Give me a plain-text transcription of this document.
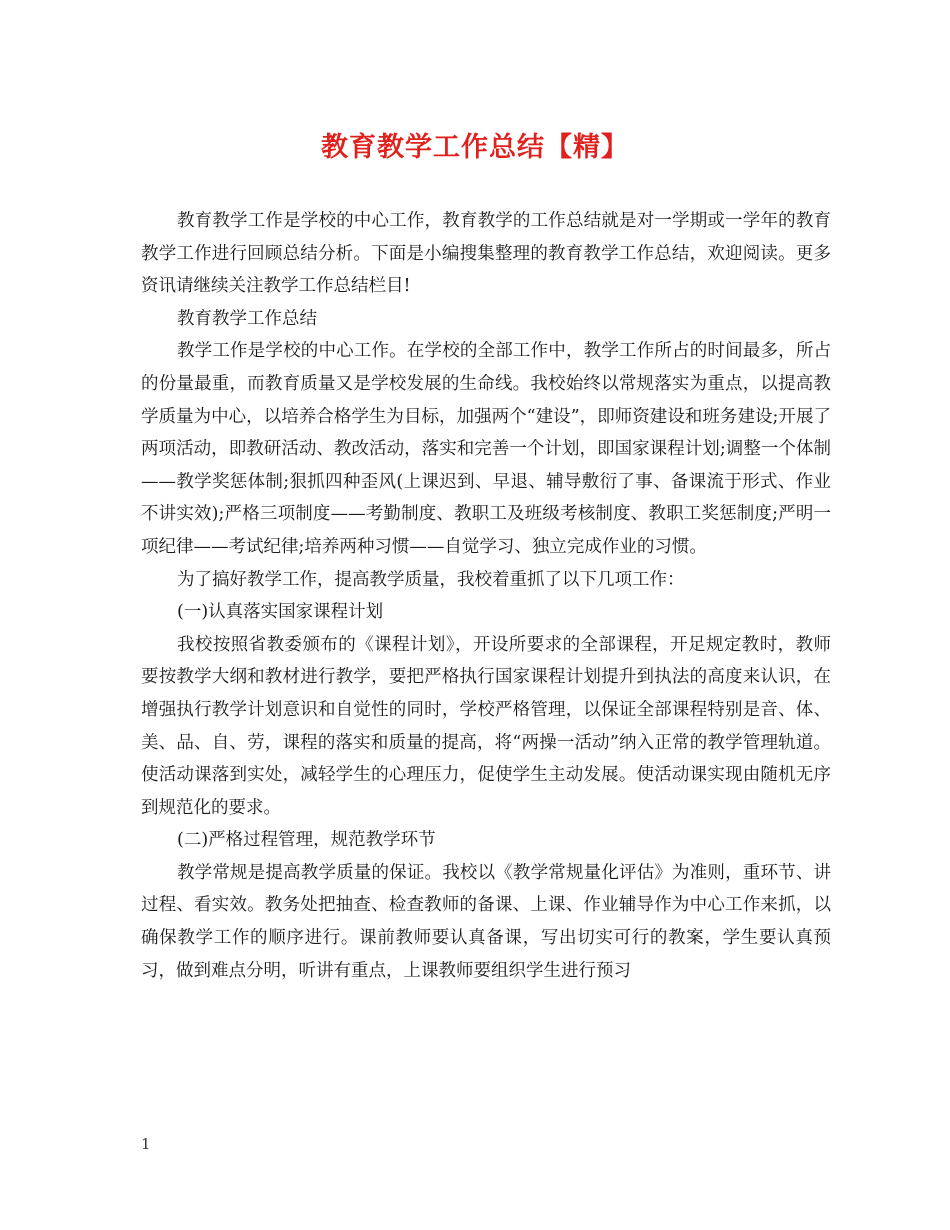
教育教学工作总结【精】

教育教学工作是学校的中心工作，教育教学的工作总结就是对一学期或一学年的教育教学工作进行回顾总结分析。下面是小编搜集整理的教育教学工作总结，欢迎阅读。更多资讯请继续关注教学工作总结栏目!

教育教学工作总结

教学工作是学校的中心工作。在学校的全部工作中，教学工作所占的时间最多，所占的份量最重，而教育质量又是学校发展的生命线。我校始终以常规落实为重点，以提高教学质量为中心，以培养合格学生为目标，加强两个“建设”，即师资建设和班务建设;开展了两项活动，即教研活动、教改活动，落实和完善一个计划，即国家课程计划;调整一个体制——教学奖惩体制;狠抓四种歪风(上课迟到、早退、辅导敷衍了事、备课流于形式、作业不讲实效);严格三项制度——考勤制度、教职工及班级考核制度、教职工奖惩制度;严明一项纪律——考试纪律;培养两种习惯——自觉学习、独立完成作业的习惯。

为了搞好教学工作，提高教学质量，我校着重抓了以下几项工作：

(一)认真落实国家课程计划

我校按照省教委颁布的《课程计划》，开设所要求的全部课程，开足规定教时，教师要按教学大纲和教材进行教学，要把严格执行国家课程计划提升到执法的高度来认识，在增强执行教学计划意识和自觉性的同时，学校严格管理，以保证全部课程特别是音、体、美、品、自、劳，课程的落实和质量的提高，将“两操一活动”纳入正常的教学管理轨道。使活动课落到实处，减轻学生的心理压力，促使学生主动发展。使活动课实现由随机无序到规范化的要求。

(二)严格过程管理，规范教学环节

教学常规是提高教学质量的保证。我校以《教学常规量化评估》为准则，重环节、讲过程、看实效。教务处把抽查、检查教师的备课、上课、作业辅导作为中心工作来抓，以确保教学工作的顺序进行。课前教师要认真备课，写出切实可行的教案，学生要认真预习，做到难点分明，听讲有重点，上课教师要组织学生进行预习

1
